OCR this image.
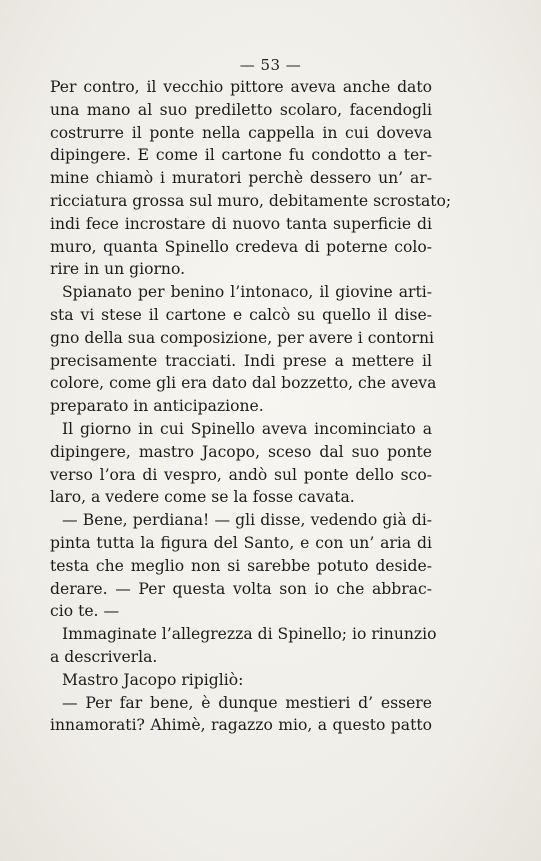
— 53 —
Per contro, il vecchio pittore aveva anche dato
una mano al suo prediletto scolaro, facendogli
costrurre il ponte nella cappella in cui doveva
dipingere. E come il cartone fu condotto a ter-
mine chiamò i muratori perchè dessero un’ ar-
ricciatura grossa sul muro, debitamente scrostato;
indi fece incrostare di nuovo tanta superficie di
muro, quanta Spinello credeva di poterne colo-
rire in un giorno.
Spianato per benino l’intonaco, il giovine arti-
sta vi stese il cartone e calcò su quello il dise-
gno della sua composizione, per avere i contorni
precisamente tracciati. Indi prese a mettere il
colore, come gli era dato dal bozzetto, che aveva
preparato in anticipazione.
Il giorno in cui Spinello aveva incominciato a
dipingere, mastro Jacopo, sceso dal suo ponte
verso l’ora di vespro, andò sul ponte dello sco-
laro, a vedere come se la fosse cavata.
— Bene, perdiana! — gli disse, vedendo già di-
pinta tutta la figura del Santo, e con un’ aria di
testa che meglio non si sarebbe potuto deside-
derare. — Per questa volta son io che abbrac-
cio te. —
Immaginate l’allegrezza di Spinello; io rinunzio
a descriverla.
Mastro Jacopo ripigliò:
— Per far bene, è dunque mestieri d’ essere
innamorati? Ahimè, ragazzo mio, a questo patto
